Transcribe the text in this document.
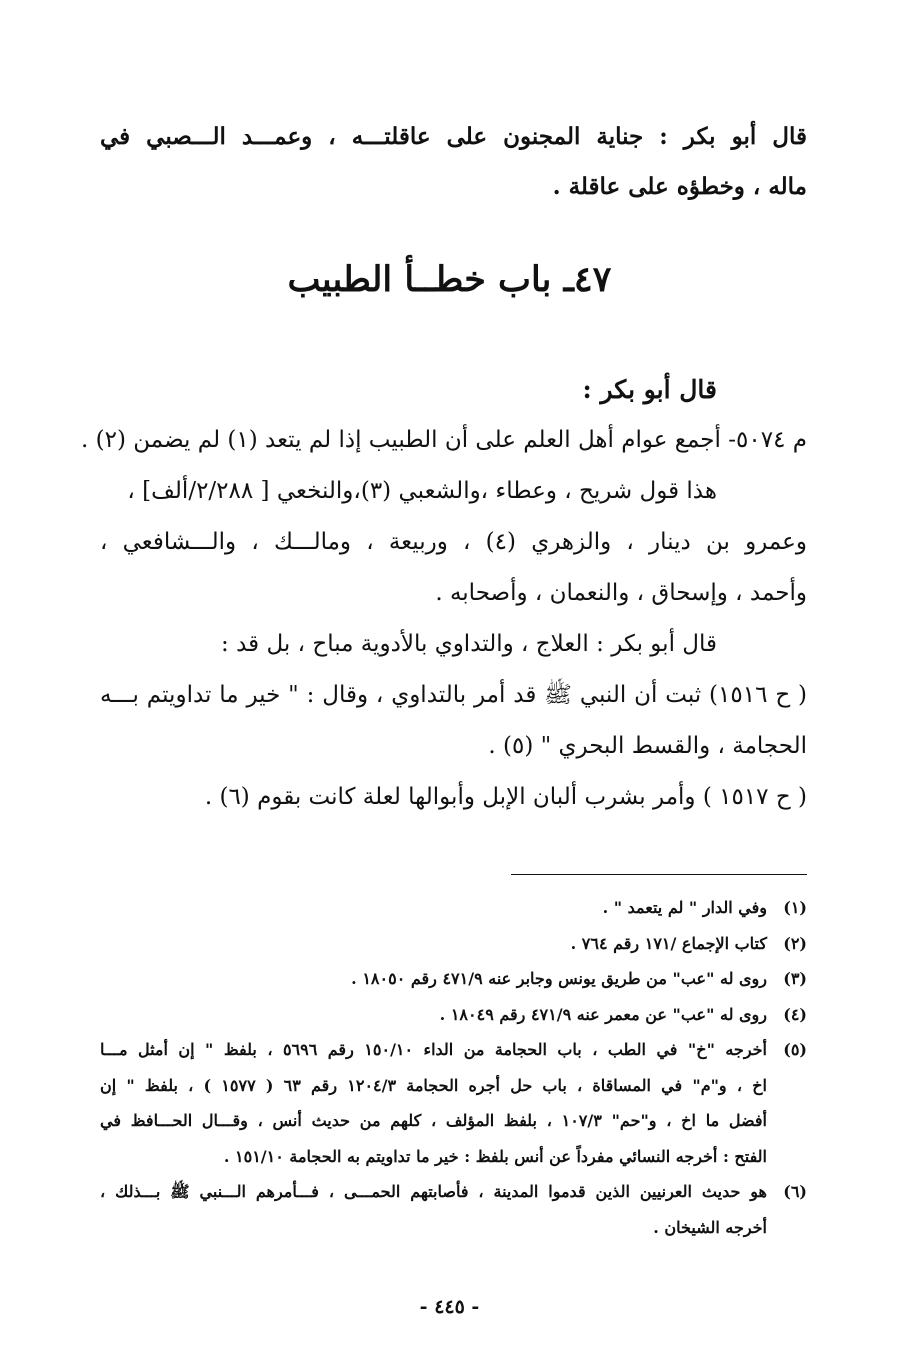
قال أبو بكر : جناية المجنون على عاقلتـــه ، وعمـــد الـــصبي في
ماله ، وخطؤه على عاقلة .
٤٧ـ باب خطــأ الطبيب
قال أبو بكر :
م ٥٠٧٤- أجمع عوام أهل العلم على أن الطبيب إذا لم يتعد (١) لم يضمن (٢) .
هذا قول شريح ، وعطاء ،والشعبي (٣)،والنخعي [ ٢/٢٨٨/ألف] ،
وعمرو بن دينار ، والزهري (٤) ، وربيعة ، ومالـــك ، والـــشافعي ،
وأحمد ، وإسحاق ، والنعمان ، وأصحابه .
قال أبو بكر : العلاج ، والتداوي بالأدوية مباح ، بل قد :
( ح ١٥١٦) ثبت أن النبي ﷺ قد أمر بالتداوي ، وقال : " خير ما تداويتم بـــه
الحجامة ، والقسط البحري " (٥) .
( ح ١٥١٧ ) وأمر بشرب ألبان الإبل وأبوالها لعلة كانت بقوم (٦) .
(١)
وفي الدار " لم يتعمد " .
(٢)
كتاب الإجماع /١٧١ رقم ٧٦٤ .
(٣)
روى له "عب" من طريق يونس وجابر عنه ٤٧١/٩ رقم ١٨٠٥٠ .
(٤)
روى له "عب" عن معمر عنه ٤٧١/٩ رقم ١٨٠٤٩ .
(٥)
أخرجه "خ" في الطب ، باب الحجامة من الداء ١٥٠/١٠ رقم ٥٦٩٦ ، بلفظ " إن أمثل مـــا
اخ ، و"م" في المساقاة ، باب حل أجره الحجامة ١٢٠٤/٣ رقم ٦٣ ( ١٥٧٧ ) ، بلفظ " إن
أفضل ما اخ ، و"حم" ١٠٧/٣ ، بلفظ المؤلف ، كلهم من حديث أنس ، وقـــال الحـــافظ في
الفتح : أخرجه النسائي مفرداً عن أنس بلفظ : خير ما تداويتم به الحجامة ١٥١/١٠ .
(٦)
هو حديث العرنيين الذين قدموا المدينة ، فأصابتهم الحمـــى ، فـــأمرهم الـــنبي ﷺ بـــذلك ،
أخرجه الشيخان .
- ٤٤٥ -
